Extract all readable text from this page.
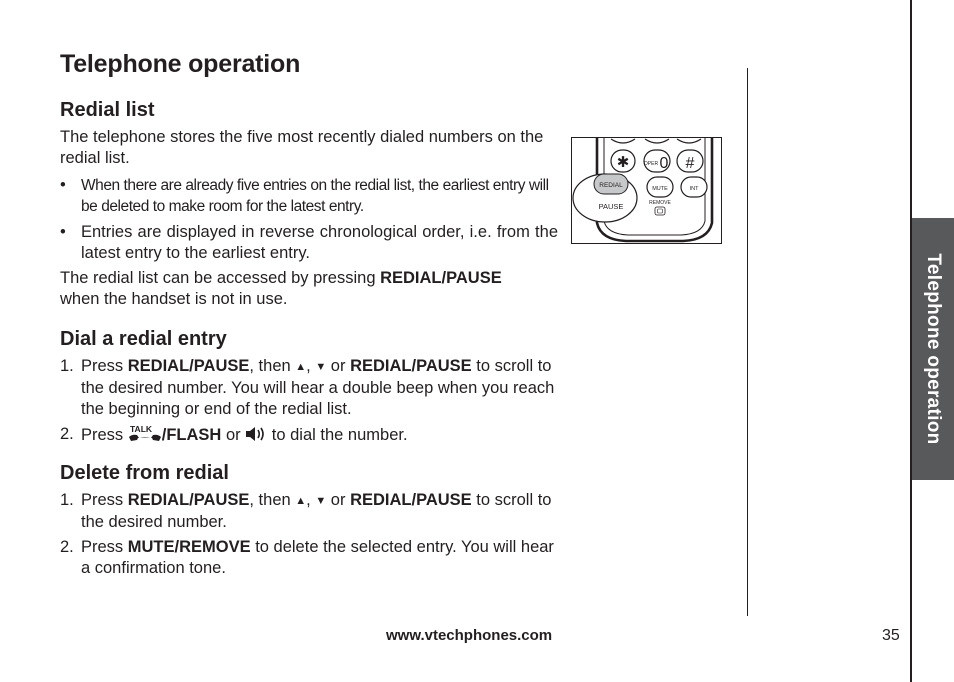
Telephone operation
Telephone operation
Redial list

The telephone stores the five most recently dialed numbers on the redial list.

• When there are already five entries on the redial list, the earliest entry will be deleted to make room for the latest entry.
• Entries are displayed in reverse chronological order, i.e. from the latest entry to the earliest entry.

The redial list can be accessed by pressing REDIAL/PAUSE
when the handset is not in use.

Dial a redial entry
1. Press REDIAL/PAUSE, then ▲, ▼ or REDIAL/PAUSE to scroll to the desired number. You will hear a double beep when you reach the beginning or end of the redial list.
2. Press TALK /FLASH or  to dial the number.
Delete from redial
1. Press REDIAL/PAUSE, then ▲, ▼ or REDIAL/PAUSE to scroll to the desired number.
2. Press MUTE/REMOVE to delete the selected entry. You will hear a confirmation tone.
✱	OPER 0 #
REDIAL
PAUSE
MUTE
REMOVE
INT
www.vtechphones.com	35
